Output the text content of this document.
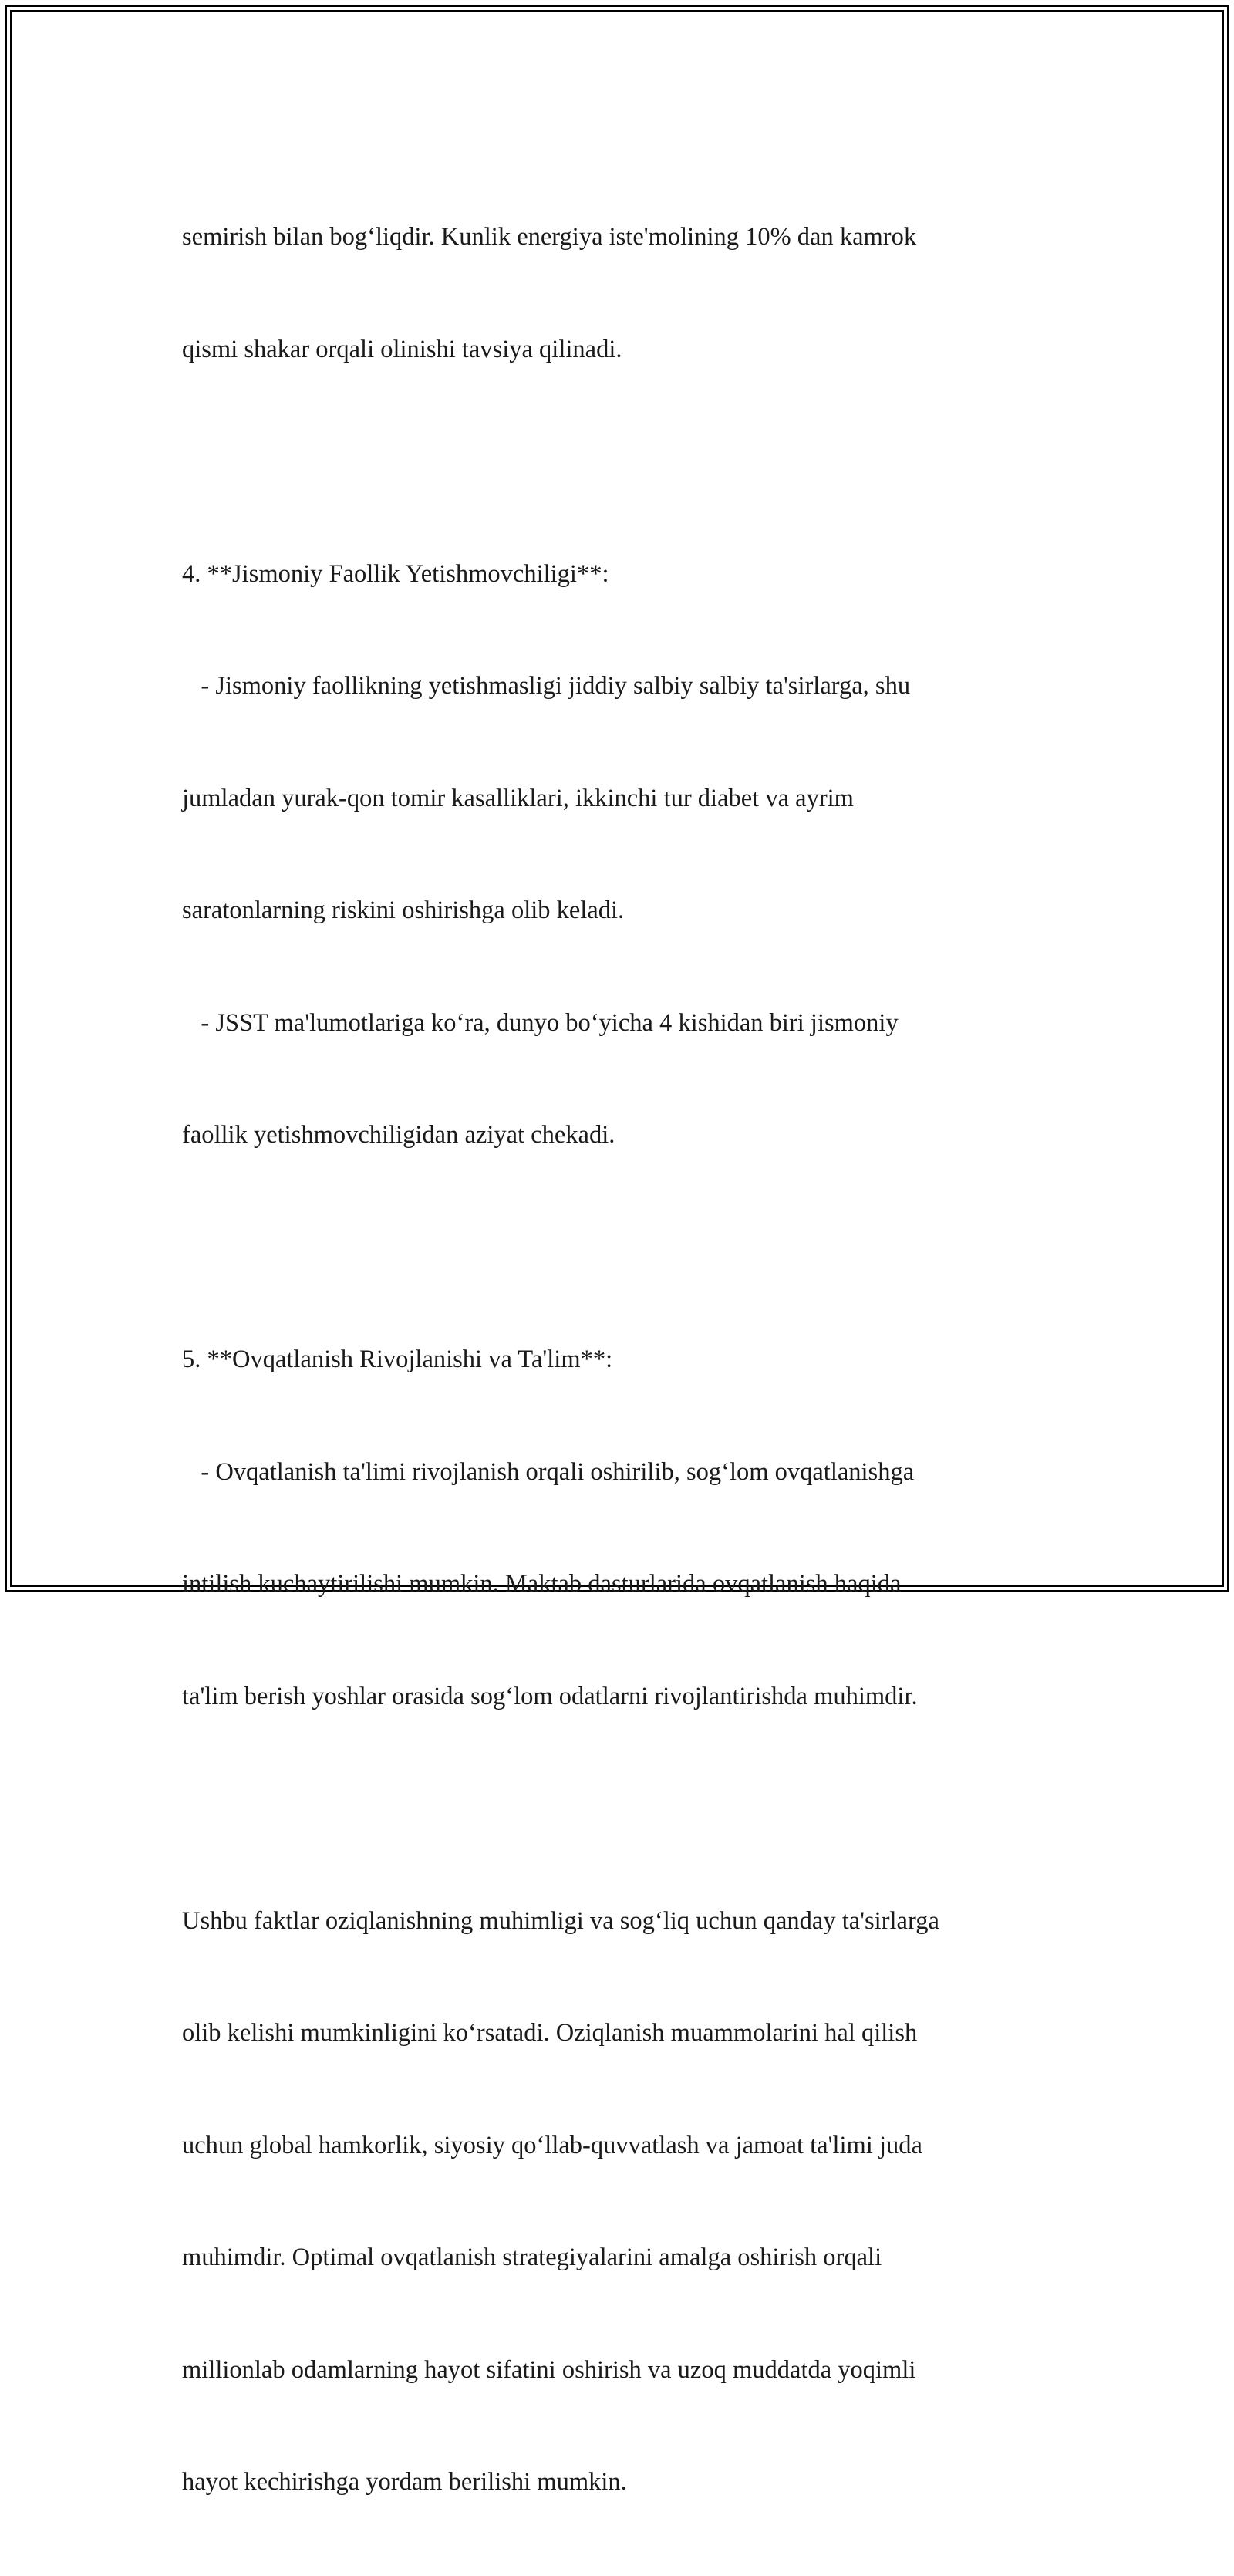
semirish bilan bog‘liqdir. Kunlik energiya iste'molining 10% dan kamrok

qismi shakar orqali olinishi tavsiya qilinadi.

4. **Jismoniy Faollik Yetishmovchiligi**:

- Jismoniy faollikning yetishmasligi jiddiy salbiy salbiy ta'sirlarga, shu

jumladan yurak-qon tomir kasalliklari, ikkinchi tur diabet va ayrim

saratonlarning riskini oshirishga olib keladi.

- JSST ma'lumotlariga ko‘ra, dunyo bo‘yicha 4 kishidan biri jismoniy

faollik yetishmovchiligidan aziyat chekadi.

5. **Ovqatlanish Rivojlanishi va Ta'lim**:

- Ovqatlanish ta'limi rivojlanish orqali oshirilib, sog‘lom ovqatlanishga

intilish kuchaytirilishi mumkin. Maktab dasturlarida ovqatlanish haqida

ta'lim berish yoshlar orasida sog‘lom odatlarni rivojlantirishda muhimdir.

Ushbu faktlar oziqlanishning muhimligi va sog‘liq uchun qanday ta'sirlarga

olib kelishi mumkinligini ko‘rsatadi. Oziqlanish muammolarini hal qilish

uchun global hamkorlik, siyosiy qo‘llab-quvvatlash va jamoat ta'limi juda

muhimdir. Optimal ovqatlanish strategiyalarini amalga oshirish orqali

millionlab odamlarning hayot sifatini oshirish va uzoq muddatda yoqimli

hayot kechirishga yordam berilishi mumkin.
